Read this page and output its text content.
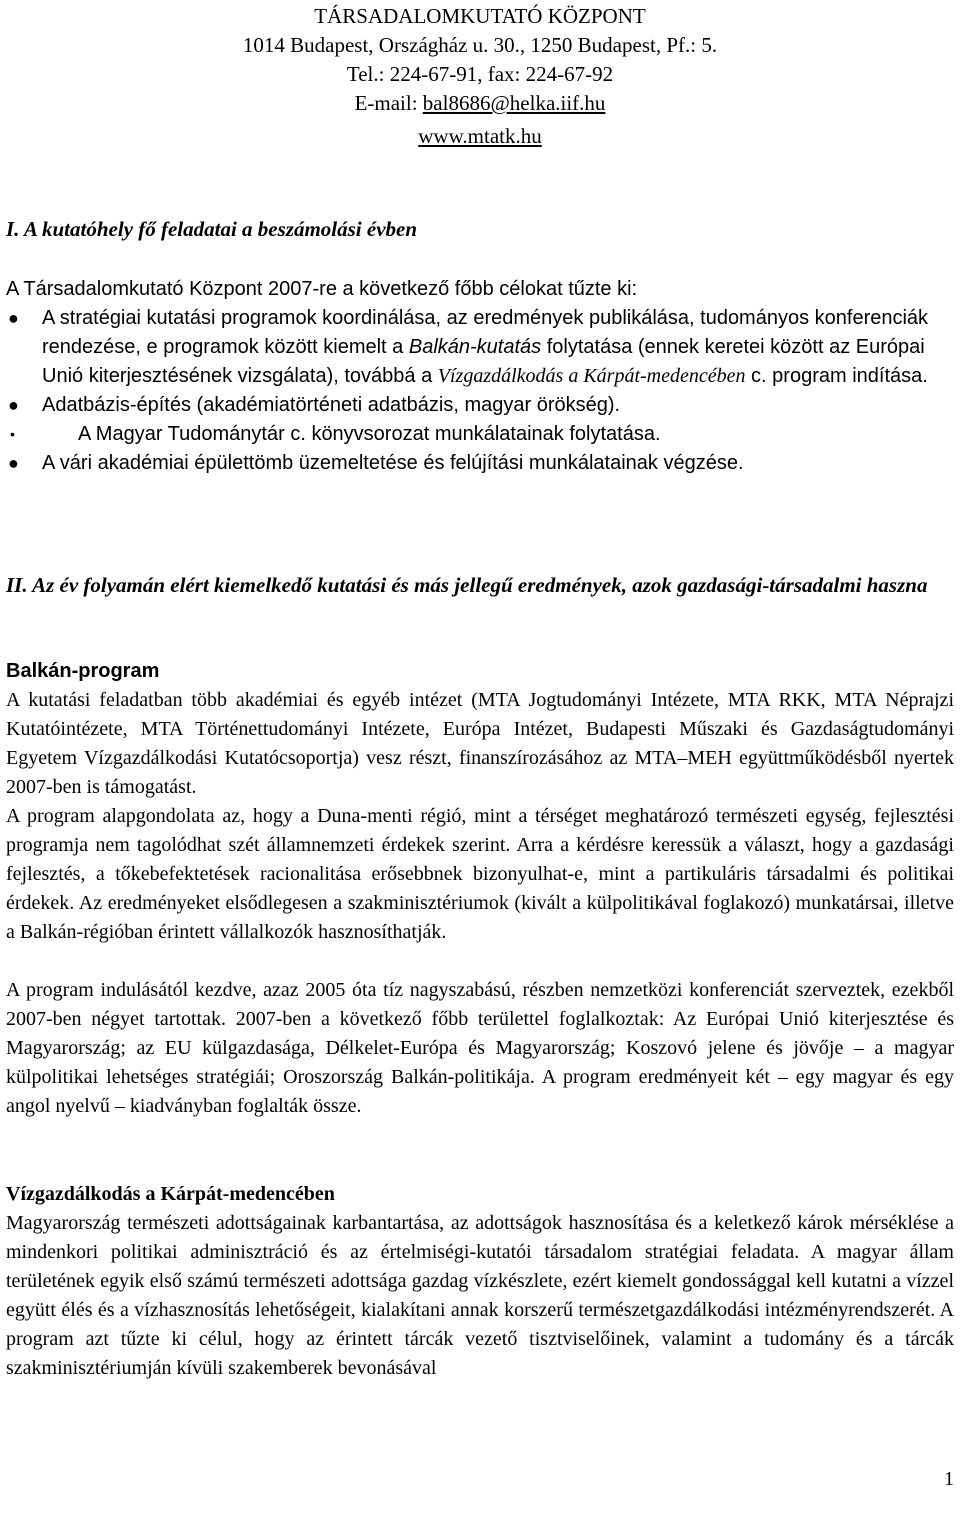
TÁRSADALOMKUTATÓ KÖZPONT
1014 Budapest, Országház u. 30., 1250 Budapest, Pf.: 5.
Tel.: 224-67-91, fax: 224-67-92
E-mail: bal8686@helka.iif.hu
www.mtatk.hu
I. A kutatóhely fő feladatai a beszámolási évben
A Társadalomkutató Központ 2007-re a következő főbb célokat tűzte ki:
● A stratégiai kutatási programok koordinálása, az eredmények publikálása, tudományos konferenciák rendezése, e programok között kiemelt a Balkán-kutatás folytatása (ennek keretei között az Európai Unió kiterjesztésének vizsgálata), továbbá a Vízgazdálkodás a Kárpát-medencében c. program indítása.
● Adatbázis-építés (akadémiatörténeti adatbázis, magyar örökség).
•	A Magyar Tudománytár c. könyvsorozat munkálatainak folytatása.
● A vári akadémiai épülettömb üzemeltetése és felújítási munkálatainak végzése.
II. Az év folyamán elért kiemelkedő kutatási és más jellegű eredmények, azok gazdasági-társadalmi haszna
Balkán-program
A kutatási feladatban több akadémiai és egyéb intézet (MTA Jogtudományi Intézete, MTA RKK, MTA Néprajzi Kutatóintézete, MTA Történettudományi Intézete, Európa Intézet, Budapesti Műszaki és Gazdaságtudományi Egyetem Vízgazdálkodási Kutatócsoportja) vesz részt, finanszírozásához az MTA–MEH együttműködésből nyertek 2007-ben is támogatást.
A program alapgondolata az, hogy a Duna-menti régió, mint a térséget meghatározó természeti egység, fejlesztési programja nem tagolódhat szét államnemzeti érdekek szerint. Arra a kérdésre keressük a választ, hogy a gazdasági fejlesztés, a tőkebefektetések racionalitása erősebbnek bizonyulhat-e, mint a partikuláris társadalmi és politikai érdekek. Az eredményeket elsődlegesen a szakminisztériumok (kivált a külpolitikával foglakozó) munkatársai, illetve a Balkán-régióban érintett vállalkozók hasznosíthatják.
A program indulásától kezdve, azaz 2005 óta tíz nagyszabású, részben nemzetközi konferenciát szerveztek, ezekből 2007-ben négyet tartottak. 2007-ben a következő főbb területtel foglalkoztak: Az Európai Unió kiterjesztése és Magyarország; az EU külgazdasága, Délkelet-Európa és Magyarország; Koszovó jelene és jövője – a magyar külpolitikai lehetséges stratégiái; Oroszország Balkán-politikája. A program eredményeit két – egy magyar és egy angol nyelvű – kiadványban foglalták össze.
Vízgazdálkodás a Kárpát-medencében
Magyarország természeti adottságainak karbantartása, az adottságok hasznosítása és a keletkező károk mérséklése a mindenkori politikai adminisztráció és az értelmiségi-kutatói társadalom stratégiai feladata. A magyar állam területének egyik első számú természeti adottsága gazdag vízkészlete, ezért kiemelt gondossággal kell kutatni a vízzel együtt élés és a vízhasznosítás lehetőségeit, kialakítani annak korszerű természetgazdálkodási intézményrendszerét. A program azt tűzte ki célul, hogy az érintett tárcák vezető tisztviselőinek, valamint a tudomány és a tárcák szakminisztériumján kívüli szakemberek bevonásával
1
